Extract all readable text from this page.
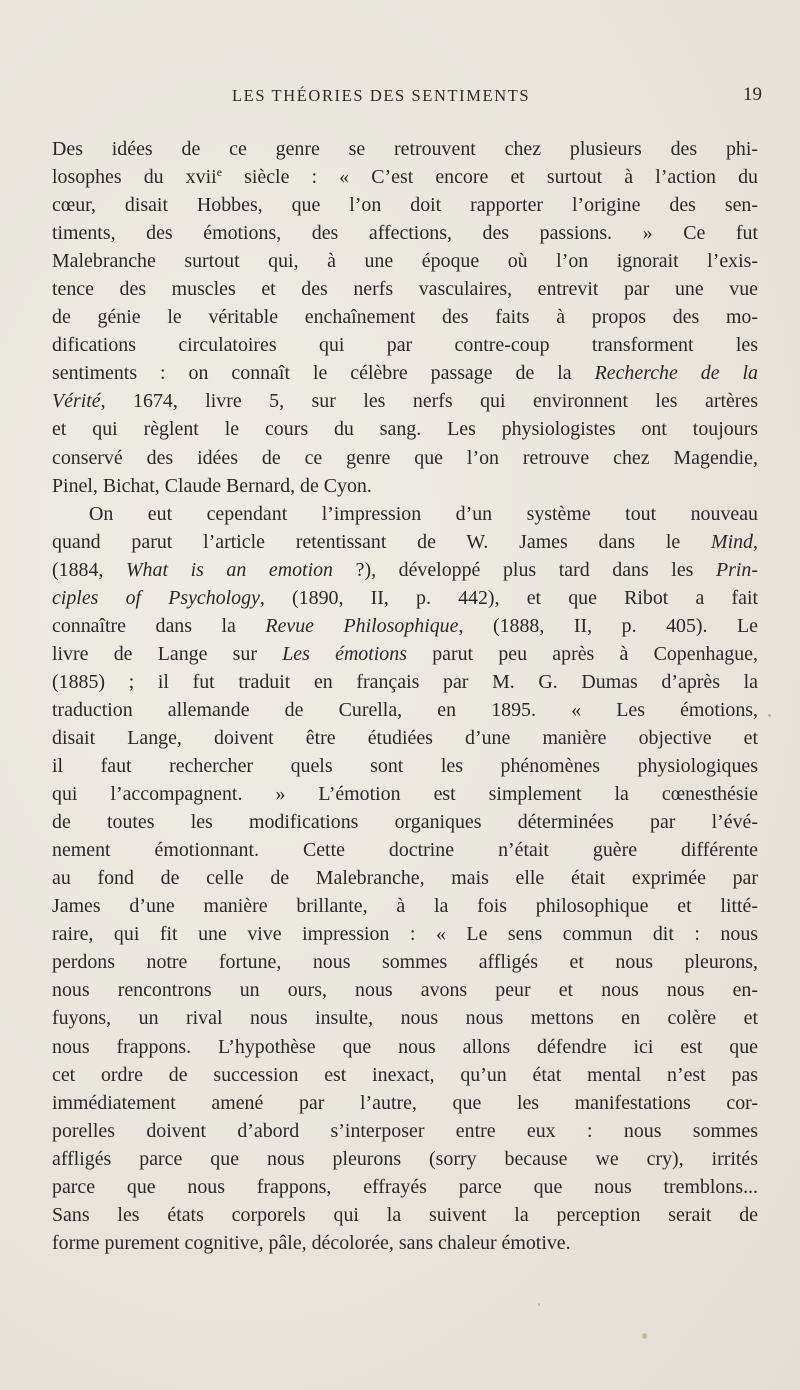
LES THÉORIES DES SENTIMENTS	19
Des idées de ce genre se retrouvent chez plusieurs des phi-
losophes du xvii$^e$ siècle : « C’est encore et surtout à l’action du
cœur, disait Hobbes, que l’on doit rapporter l’origine des sen-
timents, des émotions, des affections, des passions. » Ce fut
Malebranche surtout qui, à une époque où l’on ignorait l’exis-
tence des muscles et des nerfs vasculaires, entrevit par une vue
de génie le véritable enchaînement des faits à propos des mo-
difications circulatoires qui par contre-coup transforment les
sentiments : on connaît le célèbre passage de la Recherche de la
Vérité, 1674, livre 5, sur les nerfs qui environnent les artères
et qui règlent le cours du sang. Les physiologistes ont toujours
conservé des idées de ce genre que l’on retrouve chez Magendie,
Pinel, Bichat, Claude Bernard, de Cyon.
On eut cependant l’impression d’un système tout nouveau
quand parut l’article retentissant de W. James dans le Mind,
(1884, What is an emotion ?), développé plus tard dans les Prin-
ciples of Psychology, (1890, II, p. 442), et que Ribot a fait
connaître dans la Revue Philosophique, (1888, II, p. 405). Le
livre de Lange sur Les émotions parut peu après à Copenhague,
(1885) ; il fut traduit en français par M. G. Dumas d’après la
traduction allemande de Curella, en 1895. « Les émotions,
disait Lange, doivent être étudiées d’une manière objective et
il faut rechercher quels sont les phénomènes physiologiques
qui l’accompagnent. » L’émotion est simplement la cœnesthésie
de toutes les modifications organiques déterminées par l’évé-
nement émotionnant. Cette doctrine n’était guère différente
au fond de celle de Malebranche, mais elle était exprimée par
James d’une manière brillante, à la fois philosophique et litté-
raire, qui fit une vive impression : « Le sens commun dit : nous
perdons notre fortune, nous sommes affligés et nous pleurons,
nous rencontrons un ours, nous avons peur et nous nous en-
fuyons, un rival nous insulte, nous nous mettons en colère et
nous frappons. L’hypothèse que nous allons défendre ici est que
cet ordre de succession est inexact, qu’un état mental n’est pas
immédiatement amené par l’autre, que les manifestations cor-
porelles doivent d’abord s’interposer entre eux : nous sommes
affligés parce que nous pleurons (sorry because we cry), irrités
parce que nous frappons, effrayés parce que nous tremblons...
Sans les états corporels qui la suivent la perception serait de
forme purement cognitive, pâle, décolorée, sans chaleur émotive.
